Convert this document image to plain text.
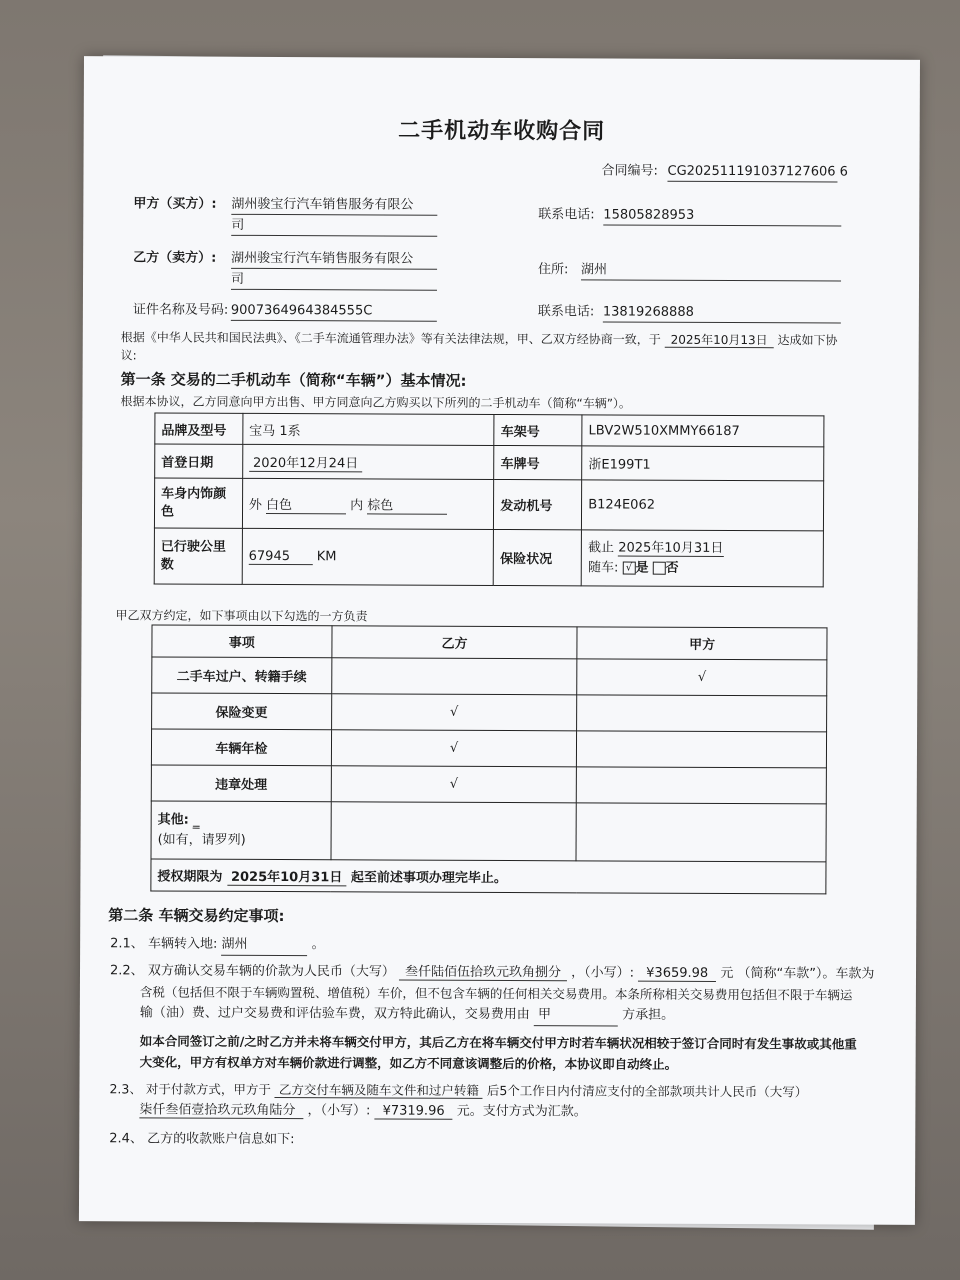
二手机动车收购合同
合同编号: CG202511191037127606 6
甲方（买方）: 湖州骏宝行汽车销售服务有限公
司
联系电话: 15805828953
乙方（卖方）: 湖州骏宝行汽车销售服务有限公
司
住所: 湖州
证件名称及号码: 9007364964384555C	联系电话: 13819268888
根据《中华人民共和国民法典》、《二手车流通管理办法》等有关法律法规，甲、乙双方经协商一致，于 2025年10月13日 达成如下协
议:
第一条 交易的二手机动车（简称“车辆”）基本情况:
根据本协议，乙方同意向甲方出售、甲方同意向乙方购买以下所列的二手机动车（简称“车辆”）。
品牌及型号	宝马 1系	车架号	LBV2W510XMMY66187
首登日期	2020年12月24日	车牌号	浙E199T1
车身内饰颜
色	外 白色 内 棕色	发动机号	B124E062
已行驶公里
数	67945 KM	保险状况	截止 2025年10月31日
随车: √ 是 否
甲乙双方约定，如下事项由以下勾选的一方负责
事项	乙方	甲方
二手车过户、转籍手续		√
保险变更	√	
车辆年检	√	
违章处理	√	
其他: _
(如有，请罗列)		
授权期限为 2025年10月31日 起至前述事项办理完毕止。		
第二条 车辆交易约定事项:
2.1、 车辆转入地: 湖州	。
2.2、 双方确认交易车辆的价款为人民币（大写） 叁仟陆佰伍拾玖元玖角捌分 ，（小写）: ¥3659.98 元 （简称“车款”）。车款为
含税（包括但不限于车辆购置税、增值税）车价，但不包含车辆的任何相关交易费用。本条所称相关交易费用包括但不限于车辆运
输（油）费、过户交易费和评估验车费，双方特此确认，交易费用由 甲	方承担。
如本合同签订之前/之时乙方并未将车辆交付甲方，其后乙方在将车辆交付甲方时若车辆状况相较于签订合同时有发生事故或其他重
大变化，甲方有权单方对车辆价款进行调整，如乙方不同意该调整后的价格，本协议即自动终止。
2.3、 对于付款方式，甲方于 乙方交付车辆及随车文件和过户转籍 后5个工作日内付清应支付的全部款项共计人民币（大写）
柒仟叁佰壹拾玖元玖角陆分 ，（小写）: ¥7319.96 元。支付方式为汇款。
2.4、 乙方的收款账户信息如下:
